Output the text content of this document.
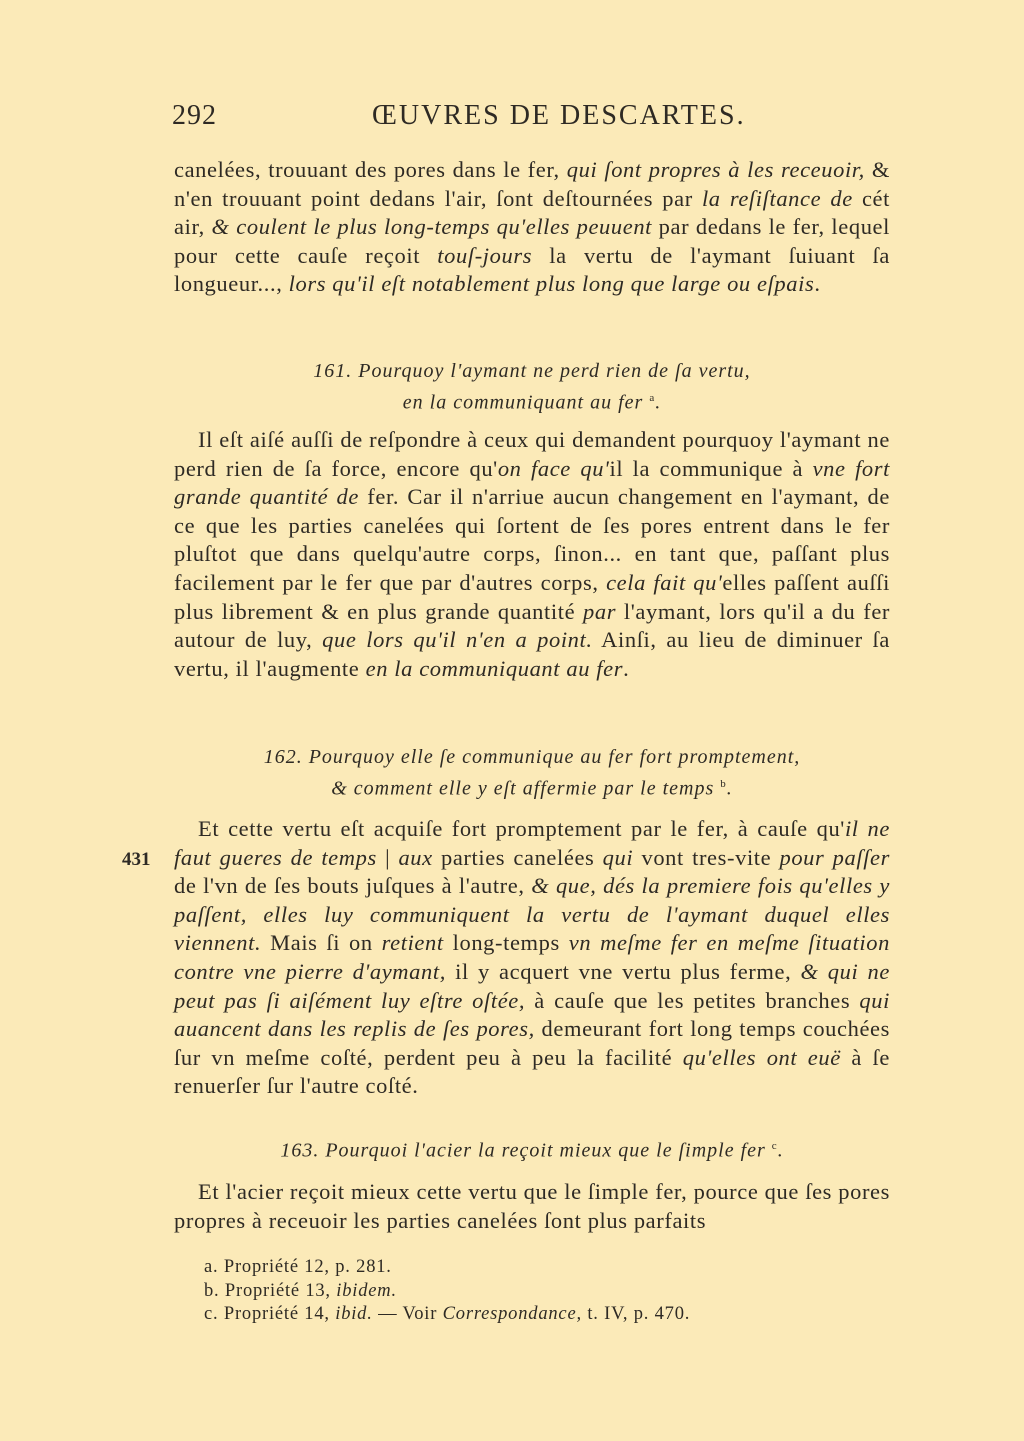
292	ŒUVRES DE DESCARTES.

canelées, trouuant des pores dans le fer, qui ſont propres à les receuoir, & n'en trouuant point dedans l'air, ſont deſtournées par la reſiſtance de cét air, & coulent le plus long-temps qu'elles peuuent par dedans le fer, lequel pour cette cauſe reçoit touſ-jours la vertu de l'aymant ſuiuant ſa longueur..., lors qu'il eſt notablement plus long que large ou eſpais.

161. Pourquoy l'aymant ne perd rien de ſa vertu,
en la communiquant au fer $^a$.

Il eſt aiſé auſſi de reſpondre à ceux qui demandent pourquoy l'aymant ne perd rien de ſa force, encore qu'on face qu'il la communique à vne fort grande quantité de fer. Car il n'arriue aucun changement en l'aymant, de ce que les parties canelées qui ſortent de ſes pores entrent dans le fer pluſtot que dans quelqu'autre corps, ſinon... en tant que, paſſant plus facilement par le fer que par d'autres corps, cela fait qu'elles paſſent auſſi plus librement & en plus grande quantité par l'aymant, lors qu'il a du fer autour de luy, que lors qu'il n'en a point. Ainſi, au lieu de diminuer ſa vertu, il l'augmente en la communiquant au fer.

162. Pourquoy elle ſe communique au fer fort promptement,
& comment elle y eſt affermie par le temps $^b$.
431

Et cette vertu eſt acquiſe fort promptement par le fer, à cauſe qu'il ne faut gueres de temps | aux parties canelées qui vont tres-vite pour paſſer de l'vn de ſes bouts juſques à l'autre, & que, dés la premiere fois qu'elles y paſſent, elles luy communiquent la vertu de l'aymant duquel elles viennent. Mais ſi on retient long-temps vn meſme fer en meſme ſituation contre vne pierre d'aymant, il y acquert vne vertu plus ferme, & qui ne peut pas ſi aiſément luy eſtre oſtée, à cauſe que les petites branches qui auancent dans les replis de ſes pores, demeurant fort long temps couchées ſur vn meſme coſté, perdent peu à peu la facilité qu'elles ont euë à ſe renuerſer ſur l'autre coſté.

163. Pourquoi l'acier la reçoit mieux que le ſimple fer $^c$.

Et l'acier reçoit mieux cette vertu que le ſimple fer, pource que ſes pores propres à receuoir les parties canelées ſont plus parfaits

a. Propriété 12, p. 281.
b. Propriété 13, ibidem.
c. Propriété 14, ibid. — Voir Correspondance, t. IV, p. 470.
